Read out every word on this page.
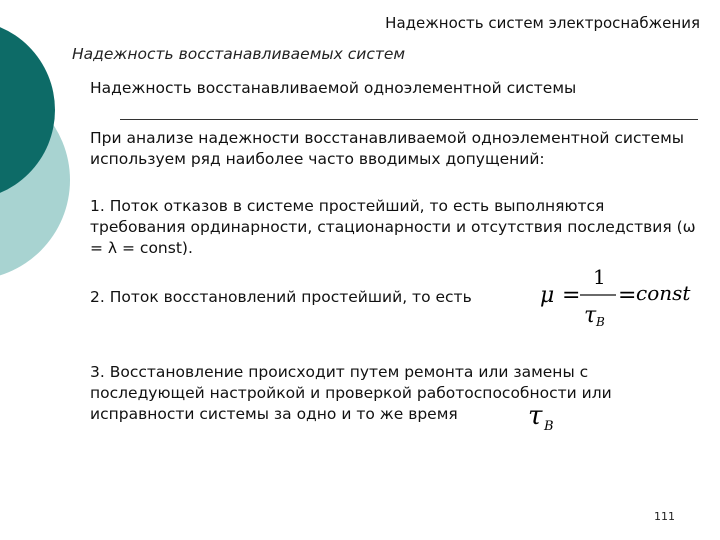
Надежность систем электроснабжения
Надежность восстанавливаемых систем
Надежность восстанавливаемой одноэлементной системы
При анализе надежности восстанавливаемой одноэлементной системы используем ряд наиболее часто вводимых допущений:
1. Поток отказов в системе простейший, то есть выполняются требования ординарности, стационарности и отсутствия последствия (ω = λ = const).
2. Поток восстановлений простейший, то есть
3. Восстановление происходит путем ремонта или замены с последующей настройкой и проверкой работоспособности или исправности системы за одно и то же время
μ =
1
τ B
= const
τ B
111
